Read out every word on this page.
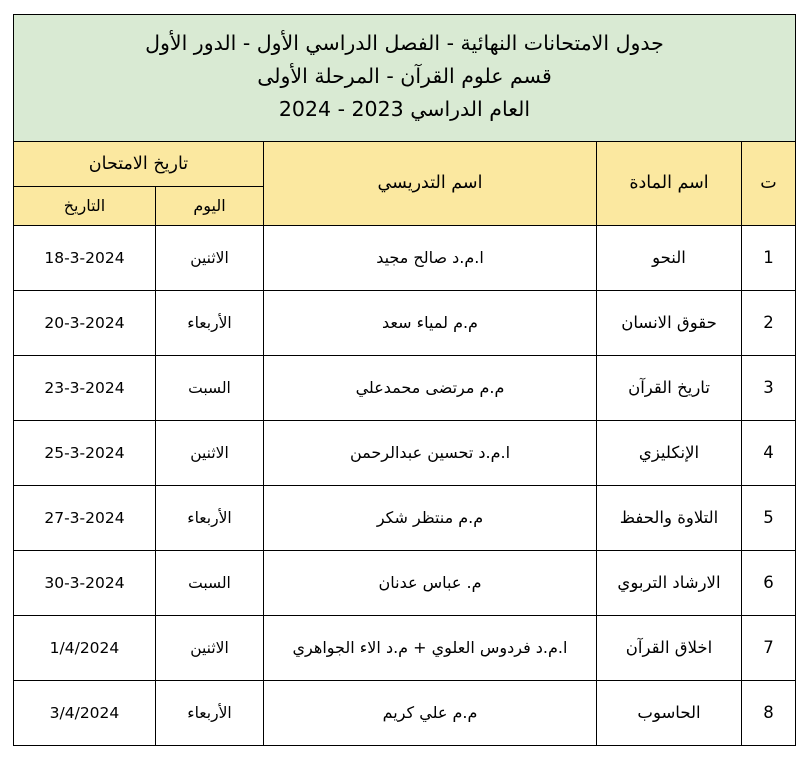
جدول الامتحانات النهائية - الفصل الدراسي الأول - الدور الأول
قسم علوم القرآن - المرحلة الأولى
العام الدراسي 2023 - 2024				

ت	اسم المادة	اسم التدريسي	تاريخ الامتحان	
			اليوم	التاريخ
1	النحو	ا.م.د صالح مجيد	الاثنين	18-3-2024
2	حقوق الانسان	م.م لمياء سعد	الأربعاء	20-3-2024
3	تاريخ القرآن	م.م مرتضى محمدعلي	السبت	23-3-2024
4	الإنكليزي	ا.م.د تحسين عبدالرحمن	الاثنين	25-3-2024
5	التلاوة والحفظ	م.م منتظر شكر	الأربعاء	27-3-2024
6	الارشاد التربوي	م. عباس عدنان	السبت	30-3-2024
7	اخلاق القرآن	ا.م.د فردوس العلوي + م.د الاء الجواهري	الاثنين	1/4/2024
8	الحاسوب	م.م علي كريم	الأربعاء	3/4/2024
